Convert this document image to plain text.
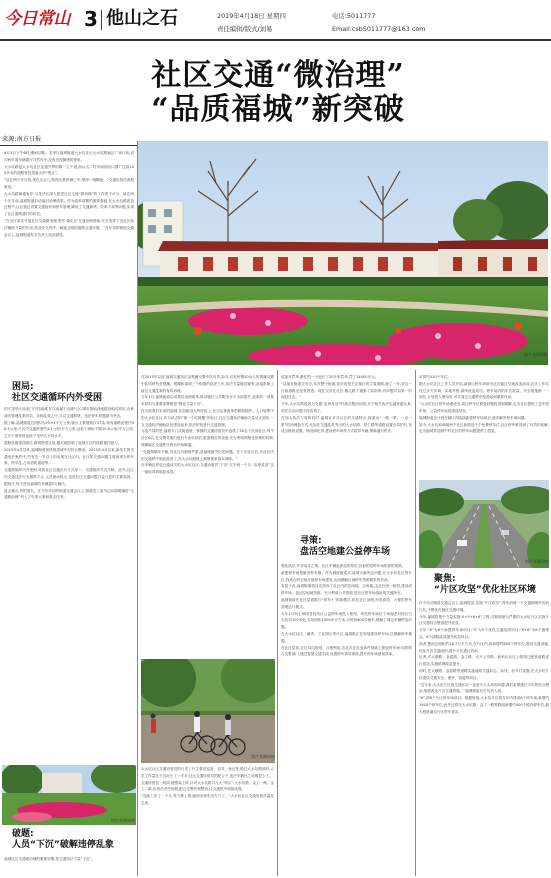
今日常山 3 他山之石	2019年4月18日 星期四
责任编辑/版式/刘易
电话:5011777
Email:csb5011777@163.com
社区交通“微治理”
“品质福城”新突破
来源:南方日报
图片来源网络
4月3日下午6时,骤雨初歇。龙华区福城街道大水坑社区大水坑路辖区广场门前,双向两车道车辆通行井然有序,没有出现拥堵的迹象。
大水坑路是大水坑社区连通外界的唯一主干道,而从大二村市场到坑口园广这段200多米的道路曾经是最大的“堵点”。
“放在两个多月前,现在这会儿,路两边都停满了车,堵得一塌糊涂。”交通协管员黄振康说。
大水坑路畅通有序,与龙华区深入推进社区交通“微治理”的工作密不可分。就在两个多月前,福城街道启动福旧治理改革。作为改革部署的重要基础,在大水坑路改造过程中,社区通过设置交通组织和停车管理,降低了交通拥堵、效率不高等问题,实现了社区道路通行的转变。
“在全区率先开展社区交通微治理,既牢'稳化区'交通治理基础,充分发挥下沉社区执法辅助力量的作用,营造安全有序、畅通文明的道路交通环境。“在年初的街道交通会议上,福城街道有关负责人如此描述。
困局:
社区交通循环内外受困
因平龙华区西北门户的福城,在以前属于边缘片区,城市基础设施建设相对滞后,各种城市管理乱象纷杂。各种乱象之中,又以交通拥堵、违法停车问题最为突出。
据了解,福城街道总面积为29.91平方公里,辖区主要道路仅47条,现有道路里程约46.5公里,片区内交通密度约3.1公里/平方公里,远低于深标下限10.6公里/平方公里,主次干道密度也低于龙华区平均水平。
道路设施建设滞后,路网密度过低,极大地影响了福城片区的道路通行能力。
2015年4月以来,福城街道加快推进城中村综合整治。2015年4月以来,新发生的交通违法案件中,约有近一半以上均出现在社区内。社区的交通问题主要表现为停车难、停车乱,占用消防通道等。
交通微循环内外受困,导致社区交通出行方式单一、交通组织方式不畅。此外,社区内交通违法行为屡禁不止,人员流动较大,也是社区交通问题日益凸显的主要原因。据统计,每天进出福城的车辆超5万辆次。
直击痛点,有的放矢。在今年年初的街道交通会议上,街道党工委书记向翔明确将“交通微治理”列入了年度大事和重点任务。
图片来源网络
破题:
人员“下沉”破解违停乱象
福城社区交通微治理的重要部署,是交通执法力量“下沉”。
在2015年以前,福城交通执法由观澜交警中队负责,如今,仅有民警20余人的观澜交警中队同时负责观澜、观湖和福城三个街道的执法工作,执法力量极其紧张,直接影响了辖区交通乱象的有效治理。
今年1月,福城街道启动基层治理改革,推动辖区公共服务水平全面提升,改革的一项基本原则与重要部署便是“强化力量下沉”。
作为改革后未来的福城,在创新治人的经验上,充分注重改革思路和期许。人口较集中的大水坑社区,作为试点的“第一个吃螃蟹”的社区,社区交通执法辅助力量从无到有,一支交通执法辅助队伍建设起来,依法依规进行交通管理。
与改不同的是,福城专门从街道统一掌握的交通协管员中选派了30名下沉到社区,每个社区6名,在交警对他们进行专业培训后,配备相应的设备,充分利用网格化管理的机制,保障辖区交通秩序的有序和畅通。
“交通微循环不畅,各社区内拥堵严重,是福城最突出的问题。在下沉社区后,各社区内的交通秩序明显改善了,在大水坑路段上拥堵现象基本消除。”
在车辆乱停放泛滥成灾的大水坑社区,交通协管员“下沉”仅不到一个月,“乱停乱放”这一顽疾得到明显改善。
图片来源网络
大水坑社区交通协管员的日常工作主要是巡查、劝导、登记等,路过大水坑路段时,人员工作量比下沉前少了一半多;社区交通协管员的配合下,违法车辆比之前明显少了。
交通协管员一到岗,便整装上阵,针对大水坑路口几大“堵点”:大水坑路、金工一路、金工二路,协管员责任到段,配合交警开展整治,让交通秩序明显改观。
“连续工作了一个月,每天都上街,跑到出现车况专门了。”大水坑社区交通协管员温先生说。
说加开罚单,最忙的一天他开了20多张罚单,罚了14000多元。
“以前在街道交安办,负责整个街道,更多的是关注辖区的主要道路,跑了一年,对这一片面道路还没有熟悉。现在交安在社区,哪儿路不通都了如指掌,有问题可以第一时间赶过去。”
今年,大水坑路段成为交通“乱停乱放”的重点整治区段,对于相关执法也越来越认真,现在走访问题不再容易了。
在加大执法力度的同时,福城针对各社区的交通特点,探索出“一路一策、一点一策”的治理新方式,比如在交通乱象突出的大水坑路、铁仁路等道路设置引导护栏,在适当路段设置、铺设绿化带,建设停车场等方式疏导车辆,保障通行秩序。
寻策:
盘活空地建公益停车场
强化执法,并非治本之策。社区车辆乱停放的背后,折射的是停车场供需的短缺。
新建停车场是解决停车难、作为调度建成式,福城为解决这问题,在大水坑社区等片区,找适合的空地开展停车场建设,从而缓解区域停车资源紧张的状况。
有鉴于此,福城街道将目光投向了社区内的空闲地、边角地,由社区统一规划,建设成停车场。盘活空闲地资源、充分利用公共资源,是社区停车场选址的关键所在。
福城街道在社区层面推行“停车+”的新模式,依托社区治理,形成高效、方便的停车管理运行模式。
今年1月9日,章阁老村西区公益停车场投入使用。该处停车场位于章阁老村西区白石坑村100米处,实用面积1000多平方米,可停放600多辆车,缓解了周边车辆停放问题。
在大水坑社区、澜秀、工业园区等片区,福城都正在规划建设停车场,以缓解停车难题。
在社区层面,社区共同规划、合理利用,各社区在自身条件基础上建设停车场;同时联合交警部门,通过智慧交通手段,设置停车诱导系统,提升停车场使用效率。
可供约420个车位。
据大水坑社区工作人员介绍,新辟山停车场即为社区辖区空地改造而成,社区工作站经过多方协调、实地考察,最终改造成功。停车场内的车位数量、安全措施都一一到位,计划投入使用后,可对周边交通秩序改善起到重要作用。
“大水坑社区停车场建成后,周边停车位紧张问题将得到缓解,也为社区提供了更多停车场、公益停车场的建设经验。”
福城街道还计划在辖区内陆续新建停车场项目,逐步解决停车难问题。
如今,大水坑和章阁两个社区新增近千个免费停车位,社区停车难得到了有效的化解,也为福城其他城中村社区的停车问题提供了借鉴。
图片来源网络
聚焦:
“片区攻坚”优化社区环境
在今年初街道交通会议上,福城提出,实施“片区攻坚”,每年治理一个交通拥堵突出的片区,不断优化辖区交通环境。
今年,福城将集中力量实施“6+5+6+6”工程,对拥堵最为严重的大水坑片区实施片区交通综合整治提升改造。
今年,“6”为6个新建停车场项目;“5”为5个优化交通组织项目;“6+6”为6个拥堵点、6个道路改造提升改造项目。
前者,整治总面积约26.7万平方米,在片区内,拟新增约800个停车位,增设交通设施,优化片区交通组织,提升片区通行效率。
后者,对大顺路、金韶路、金工路、大兴公司路、新科山社区公园周边配套道路进行改造,实施路网改造提升。
同时,在大顺路、金韶路等道路实施道路交通标志、标线、信号灯设置,在大水坑片区建设交通安全、便民、智能等项目。
“近年来,大水坑片区的交通状况一直是令人头疼的问题,我们希望通过今年的综合整治,彻底改变片区交通面貌。”福城街道有关负责人说。
“6”,即6个片区停车场项目。根据规划,大水坑片区将在年内建成6个停车场,新增约1900个停车位;此外还将在大水坑路、金工一路等路段新增约400个路内停车位,最大程度满足片区停车需求。
